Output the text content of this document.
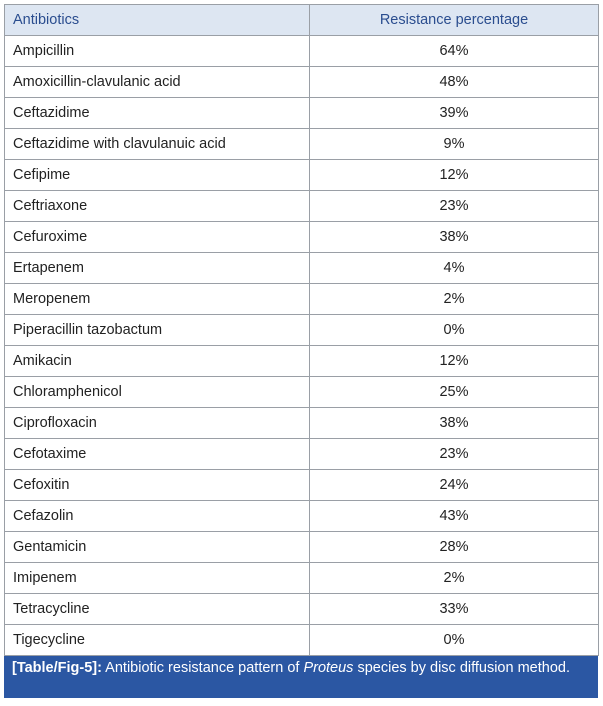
Antibiotics	Resistance percentage
Ampicillin	64%
Amoxicillin-clavulanic acid	48%
Ceftazidime	39%
Ceftazidime with clavulanuic acid	9%
Cefipime	12%
Ceftriaxone	23%
Cefuroxime	38%
Ertapenem	4%
Meropenem	2%
Piperacillin tazobactum	0%
Amikacin	12%
Chloramphenicol	25%
Ciprofloxacin	38%
Cefotaxime	23%
Cefoxitin	24%
Cefazolin	43%
Gentamicin	28%
Imipenem	2%
Tetracycline	33%
Tigecycline	0%
[Table/Fig-5]: Antibiotic resistance pattern of Proteus species by disc diffusion method.
